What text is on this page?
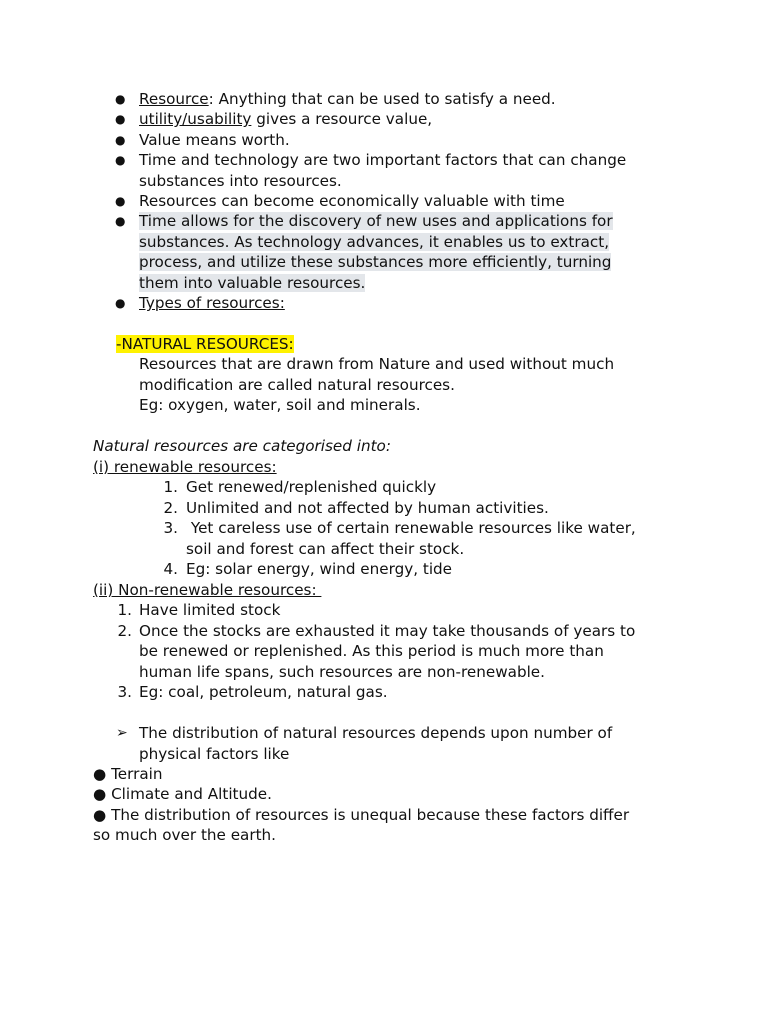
● Resource: Anything that can be used to satisfy a need.
● utility/usability gives a resource value,
● Value means worth.
● Time and technology are two important factors that can change
substances into resources.
● Resources can become economically valuable with time
● Time allows for the discovery of new uses and applications for
substances. As technology advances, it enables us to extract,
process, and utilize these substances more efficiently, turning
them into valuable resources.
● Types of resources:
-NATURAL RESOURCES:
Resources that are drawn from Nature and used without much
modification are called natural resources.
Eg: oxygen, water, soil and minerals.
Natural resources are categorised into:
(i) renewable resources:
1. Get renewed/replenished quickly
2. Unlimited and not affected by human activities.
3. Yet careless use of certain renewable resources like water,
soil and forest can affect their stock.
4. Eg: solar energy, wind energy, tide
(ii) Non-renewable resources:
1. Have limited stock
2. Once the stocks are exhausted it may take thousands of years to
be renewed or replenished. As this period is much more than
human life spans, such resources are non-renewable.
3. Eg: coal, petroleum, natural gas.
➢ The distribution of natural resources depends upon number of
physical factors like
● Terrain
● Climate and Altitude.
● The distribution of resources is unequal because these factors differ
so much over the earth.
